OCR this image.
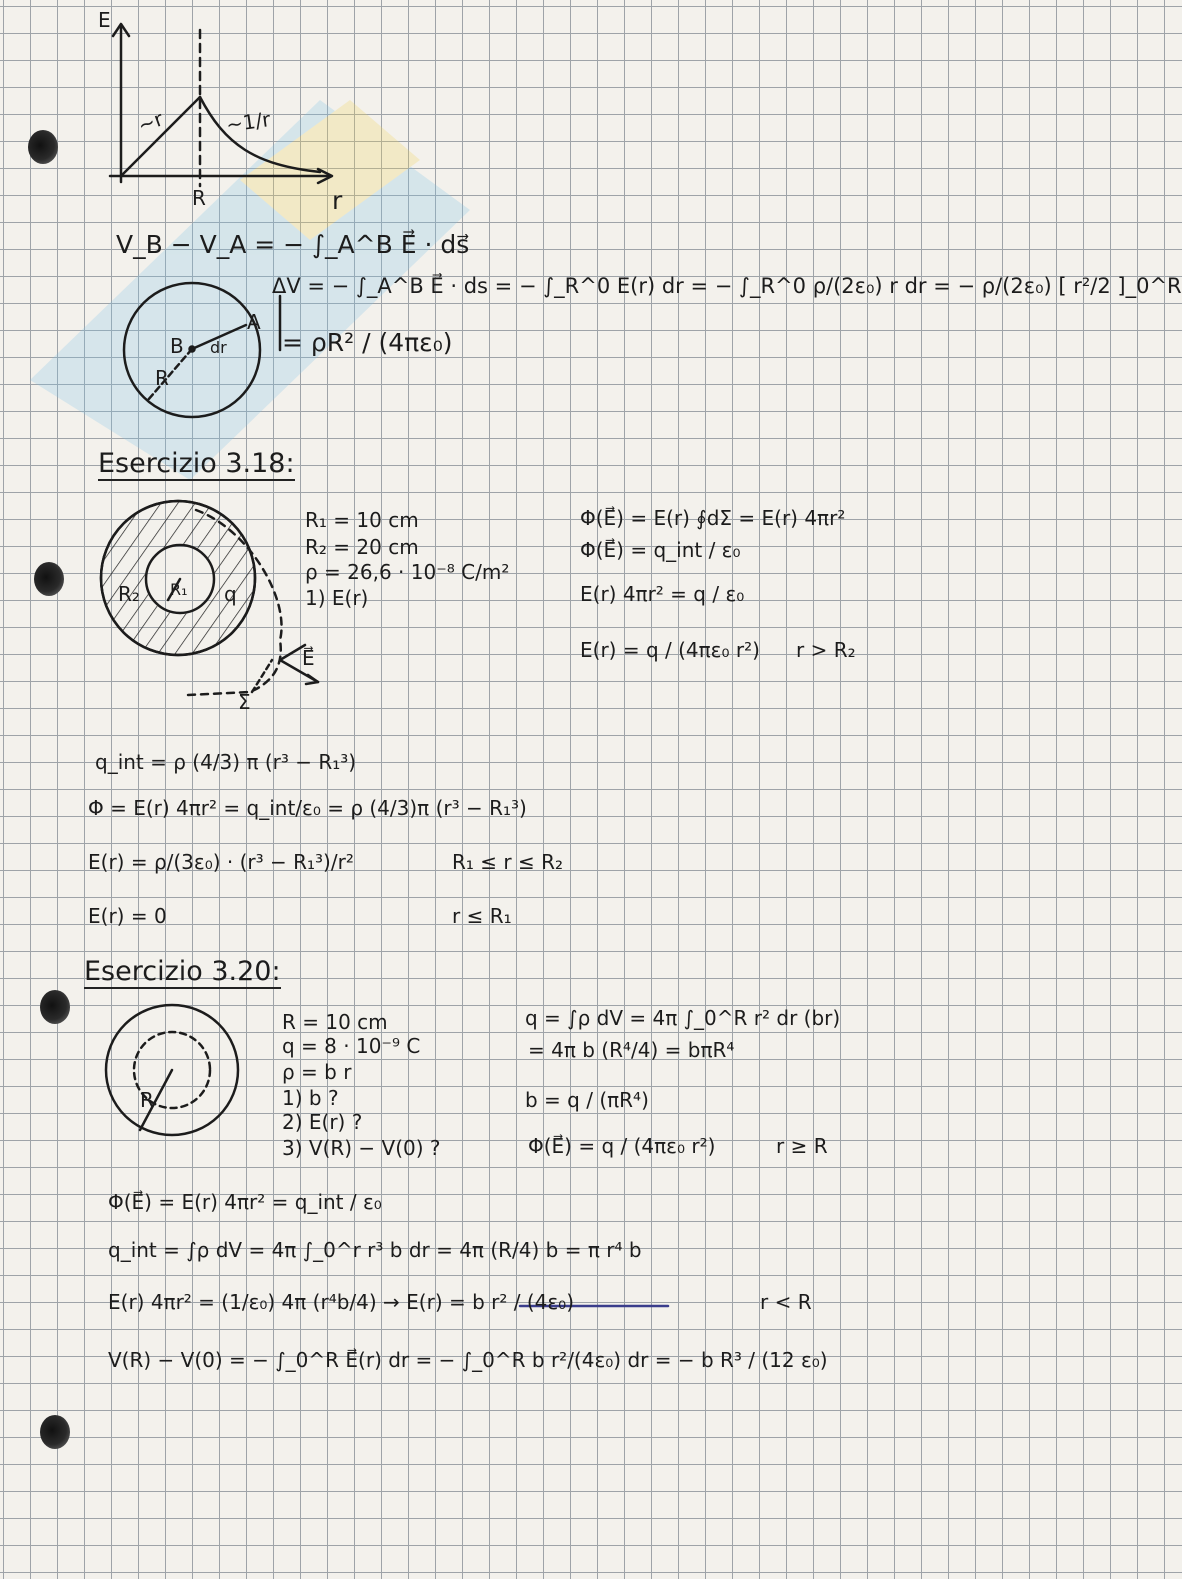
E
r
R
~r	~1/r
V_B − V_A = − ∫_A^B E⃗ · ds⃗
ΔV = − ∫_A^B E⃗ · ds = − ∫_R^0 E(r) dr = − ∫_R^0 ρ/(2ε₀) r dr = − ρ/(2ε₀) [ r²/2 ]_0^R
= ρR² / (4πε₀)
B
A
dr
R
Esercizio 3.18:
R₁ = 10 cm
R₂ = 20 cm
ρ = 26,6 · 10⁻⁸ C/m²
1) E(r)
R₂ R₁ q
Σ
E⃗
Φ(E⃗) = E(r) ∮dΣ = E(r) 4πr²
Φ(E⃗) = q_int / ε₀
E(r) 4πr² = q / ε₀
E(r) = q / (4πε₀ r²) r > R₂
q_int = ρ (4/3) π (r³ − R₁³)
Φ = E(r) 4πr² = q_int/ε₀ = ρ (4/3)π (r³ − R₁³)
E(r) = ρ/(3ε₀) · (r³ − R₁³)/r²
E(r) = 0
R₁ ≤ r ≤ R₂
r ≤ R₁
Esercizio 3.20:
R = 10 cm
q = 8 · 10⁻⁹ C
ρ = b r
1) b ?
2) E(r) ?
3) V(R) − V(0) ?
R
q = ∫ρ dV = 4π ∫_0^R r² dr (br)
= 4π b (R⁴/4) = bπR⁴
b = q / (πR⁴)
Φ(E⃗) = q / (4πε₀ r²)	r ≥ R
Φ(E⃗) = E(r) 4πr² = q_int / ε₀
q_int = ∫ρ dV = 4π ∫_0^r r³ b dr = 4π (R/4) b = π r⁴ b
E(r) 4πr² = (1/ε₀) 4π (r⁴b/4) → E(r) = b r² / (4ε₀)
V(R) − V(0) = − ∫_0^R E⃗(r) dr = − ∫_0^R b r²/(4ε₀) dr = − b R³ / (12 ε₀)
r < R
